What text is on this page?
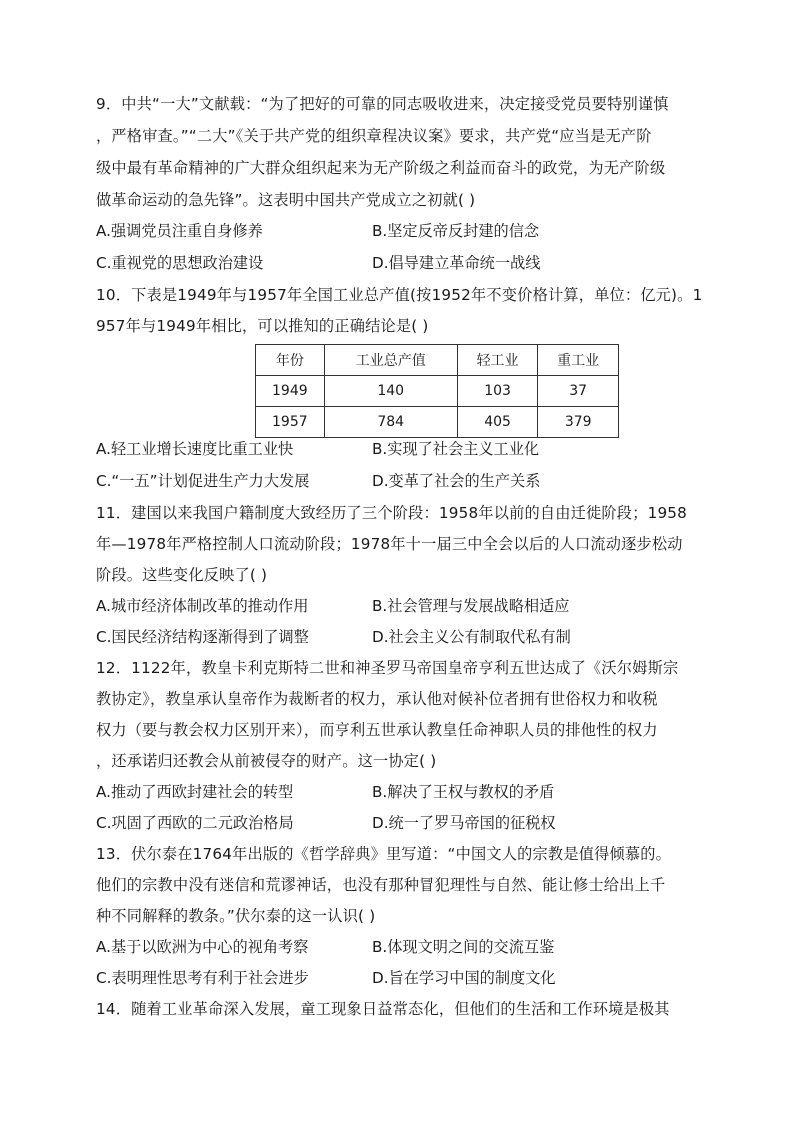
9．中共“一大”文献载：“为了把好的可靠的同志吸收进来，决定接受党员要特别谨慎
，严格审查。”“二大”《关于共产党的组织章程决议案》要求，共产党“应当是无产阶
级中最有革命精神的广大群众组织起来为无产阶级之利益而奋斗的政党，为无产阶级
做革命运动的急先锋”。这表明中国共产党成立之初就( )
A.强调党员注重自身修养	B.坚定反帝反封建的信念
C.重视党的思想政治建设	D.倡导建立革命统一战线
10．下表是1949年与1957年全国工业总产值(按1952年不变价格计算，单位：亿元)。1
957年与1949年相比，可以推知的正确结论是( )
年份	工业总产值	轻工业	重工业
1949	140	103	37
1957	784	405	379
A.轻工业增长速度比重工业快	B.实现了社会主义工业化
C.“一五”计划促进生产力大发展	D.变革了社会的生产关系
11．建国以来我国户籍制度大致经历了三个阶段：1958年以前的自由迁徙阶段；1958
年—1978年严格控制人口流动阶段；1978年十一届三中全会以后的人口流动逐步松动
阶段。这些变化反映了( )
A.城市经济体制改革的推动作用	B.社会管理与发展战略相适应
C.国民经济结构逐渐得到了调整	D.社会主义公有制取代私有制
12．1122年，教皇卡利克斯特二世和神圣罗马帝国皇帝亨利五世达成了《沃尔姆斯宗
教协定》，教皇承认皇帝作为裁断者的权力，承认他对候补位者拥有世俗权力和收税
权力（要与教会权力区别开来），而亨利五世承认教皇任命神职人员的排他性的权力
，还承诺归还教会从前被侵夺的财产。这一协定( )
A.推动了西欧封建社会的转型	B.解决了王权与教权的矛盾
C.巩固了西欧的二元政治格局	D.统一了罗马帝国的征税权
13．伏尔泰在1764年出版的《哲学辞典》里写道：“中国文人的宗教是值得倾慕的。
他们的宗教中没有迷信和荒谬神话，也没有那种冒犯理性与自然、能让修士给出上千
种不同解释的教条。”伏尔泰的这一认识( )
A.基于以欧洲为中心的视角考察	B.体现文明之间的交流互鉴
C.表明理性思考有利于社会进步	D.旨在学习中国的制度文化
14．随着工业革命深入发展，童工现象日益常态化，但他们的生活和工作环境是极其
